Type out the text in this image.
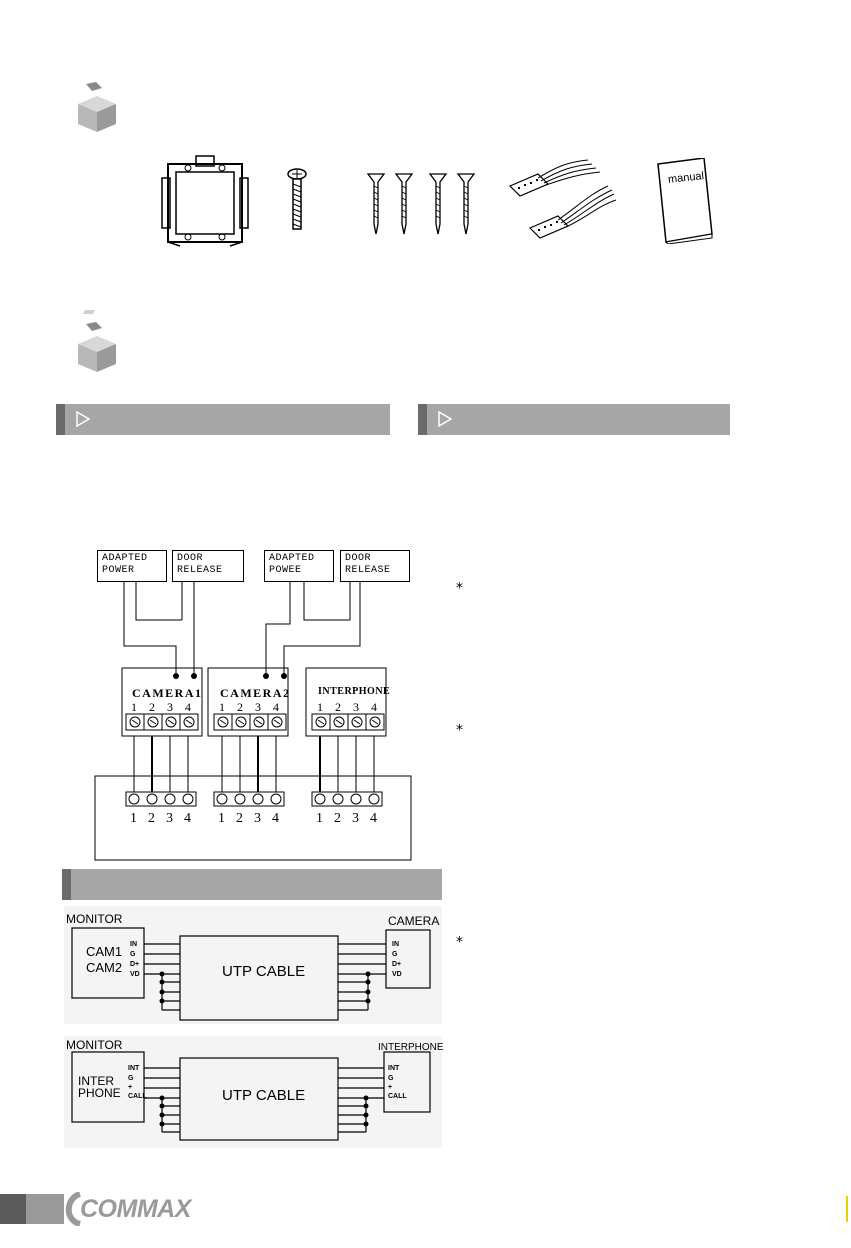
manual
ADAPTED
POWER
DOOR
RELEASE
ADAPTED
POWEE
DOOR
RELEASE
CAMERA1 CAMERA2	INTERPHONE
1 2 3 4 1 2 3 4	1 2 3 4
1 2 3 4 1 2 3 4	1 2 3 4
⁎
⁎
⁎
MONITOR
CAM1
CAM2
IN
G
D+
VD	UTP CABLE
CAMERA
IN
G
D+
VD
MONITOR
INTER
PHONE
INT
G
+
CALL	UTP CABLE
INTERPHONE
INT
G
+
CALL
COMMAX
